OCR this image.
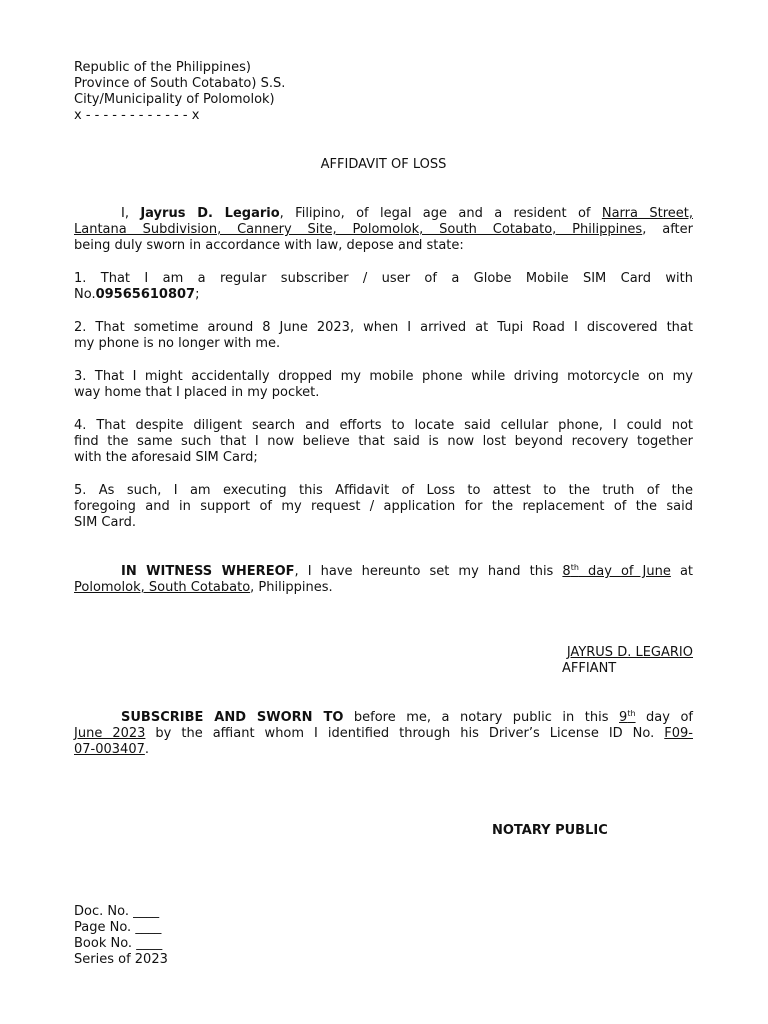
Republic of the Philippines)
Province of South Cotabato) S.S.
City/Municipality of Polomolok)
x - - - - - - - - - - - - x
AFFIDAVIT OF LOSS
I, Jayrus D. Legario, Filipino, of legal age and a resident of Narra Street,
Lantana Subdivision, Cannery Site, Polomolok, South Cotabato, Philippines, after
being duly sworn in accordance with law, depose and state:
1. That I am a regular subscriber / user of a Globe Mobile SIM Card with
No.09565610807;
2. That sometime around 8 June 2023, when I arrived at Tupi Road I discovered that
my phone is no longer with me.
3. That I might accidentally dropped my mobile phone while driving motorcycle on my
way home that I placed in my pocket.
4. That despite diligent search and efforts to locate said cellular phone, I could not
find the same such that I now believe that said is now lost beyond recovery together
with the aforesaid SIM Card;
5. As such, I am executing this Affidavit of Loss to attest to the truth of the
foregoing and in support of my request / application for the replacement of the said
SIM Card.
IN WITNESS WHEREOF, I have hereunto set my hand this 8th day of June at
Polomolok, South Cotabato, Philippines.
JAYRUS D. LEGARIO
AFFIANT
SUBSCRIBE AND SWORN TO before me, a notary public in this 9th day of
June 2023 by the affiant whom I identified through his Driver’s License ID No. F09-
07-003407.
NOTARY PUBLIC
Doc. No. ____
Page No. ____
Book No. ____
Series of 2023
